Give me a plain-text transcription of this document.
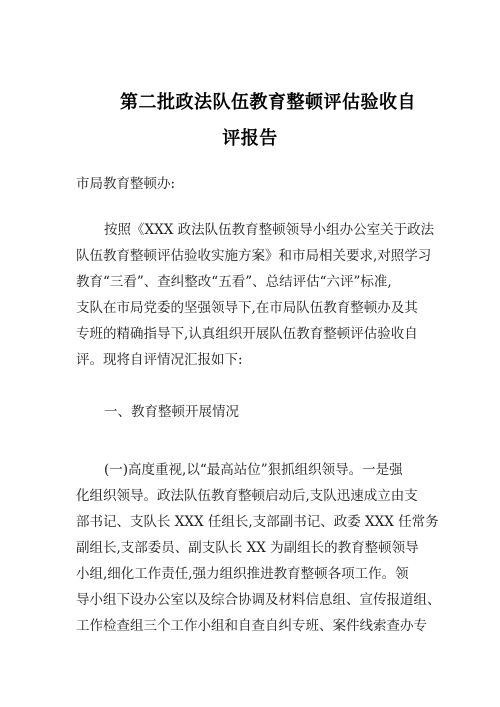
第二批政法队伍教育整顿评估验收自
评报告
市局教育整顿办:
按照《XXX 政法队伍教育整顿领导小组办公室关于政法
队伍教育整顿评估验收实施方案》和市局相关要求,对照学习
教育“三看”、查纠整改“五看”、总结评估“六评”标准,
支队在市局党委的坚强领导下,在市局队伍教育整顿办及其
专班的精确指导下,认真组织开展队伍教育整顿评估验收自
评。现将自评情况汇报如下:
一、教育整顿开展情况
(一)高度重视,以“最高站位”狠抓组织领导。一是强
化组织领导。政法队伍教育整顿启动后,支队迅速成立由支
部书记、支队长 XXX 任组长,支部副书记、政委 XXX 任常务
副组长,支部委员、副支队长 XX 为副组长的教育整顿领导
小组,细化工作责任,强力组织推进教育整顿各项工作。领
导小组下设办公室以及综合协调及材料信息组、宣传报道组、
工作检查组三个工作小组和自查自纠专班、案件线索查办专
